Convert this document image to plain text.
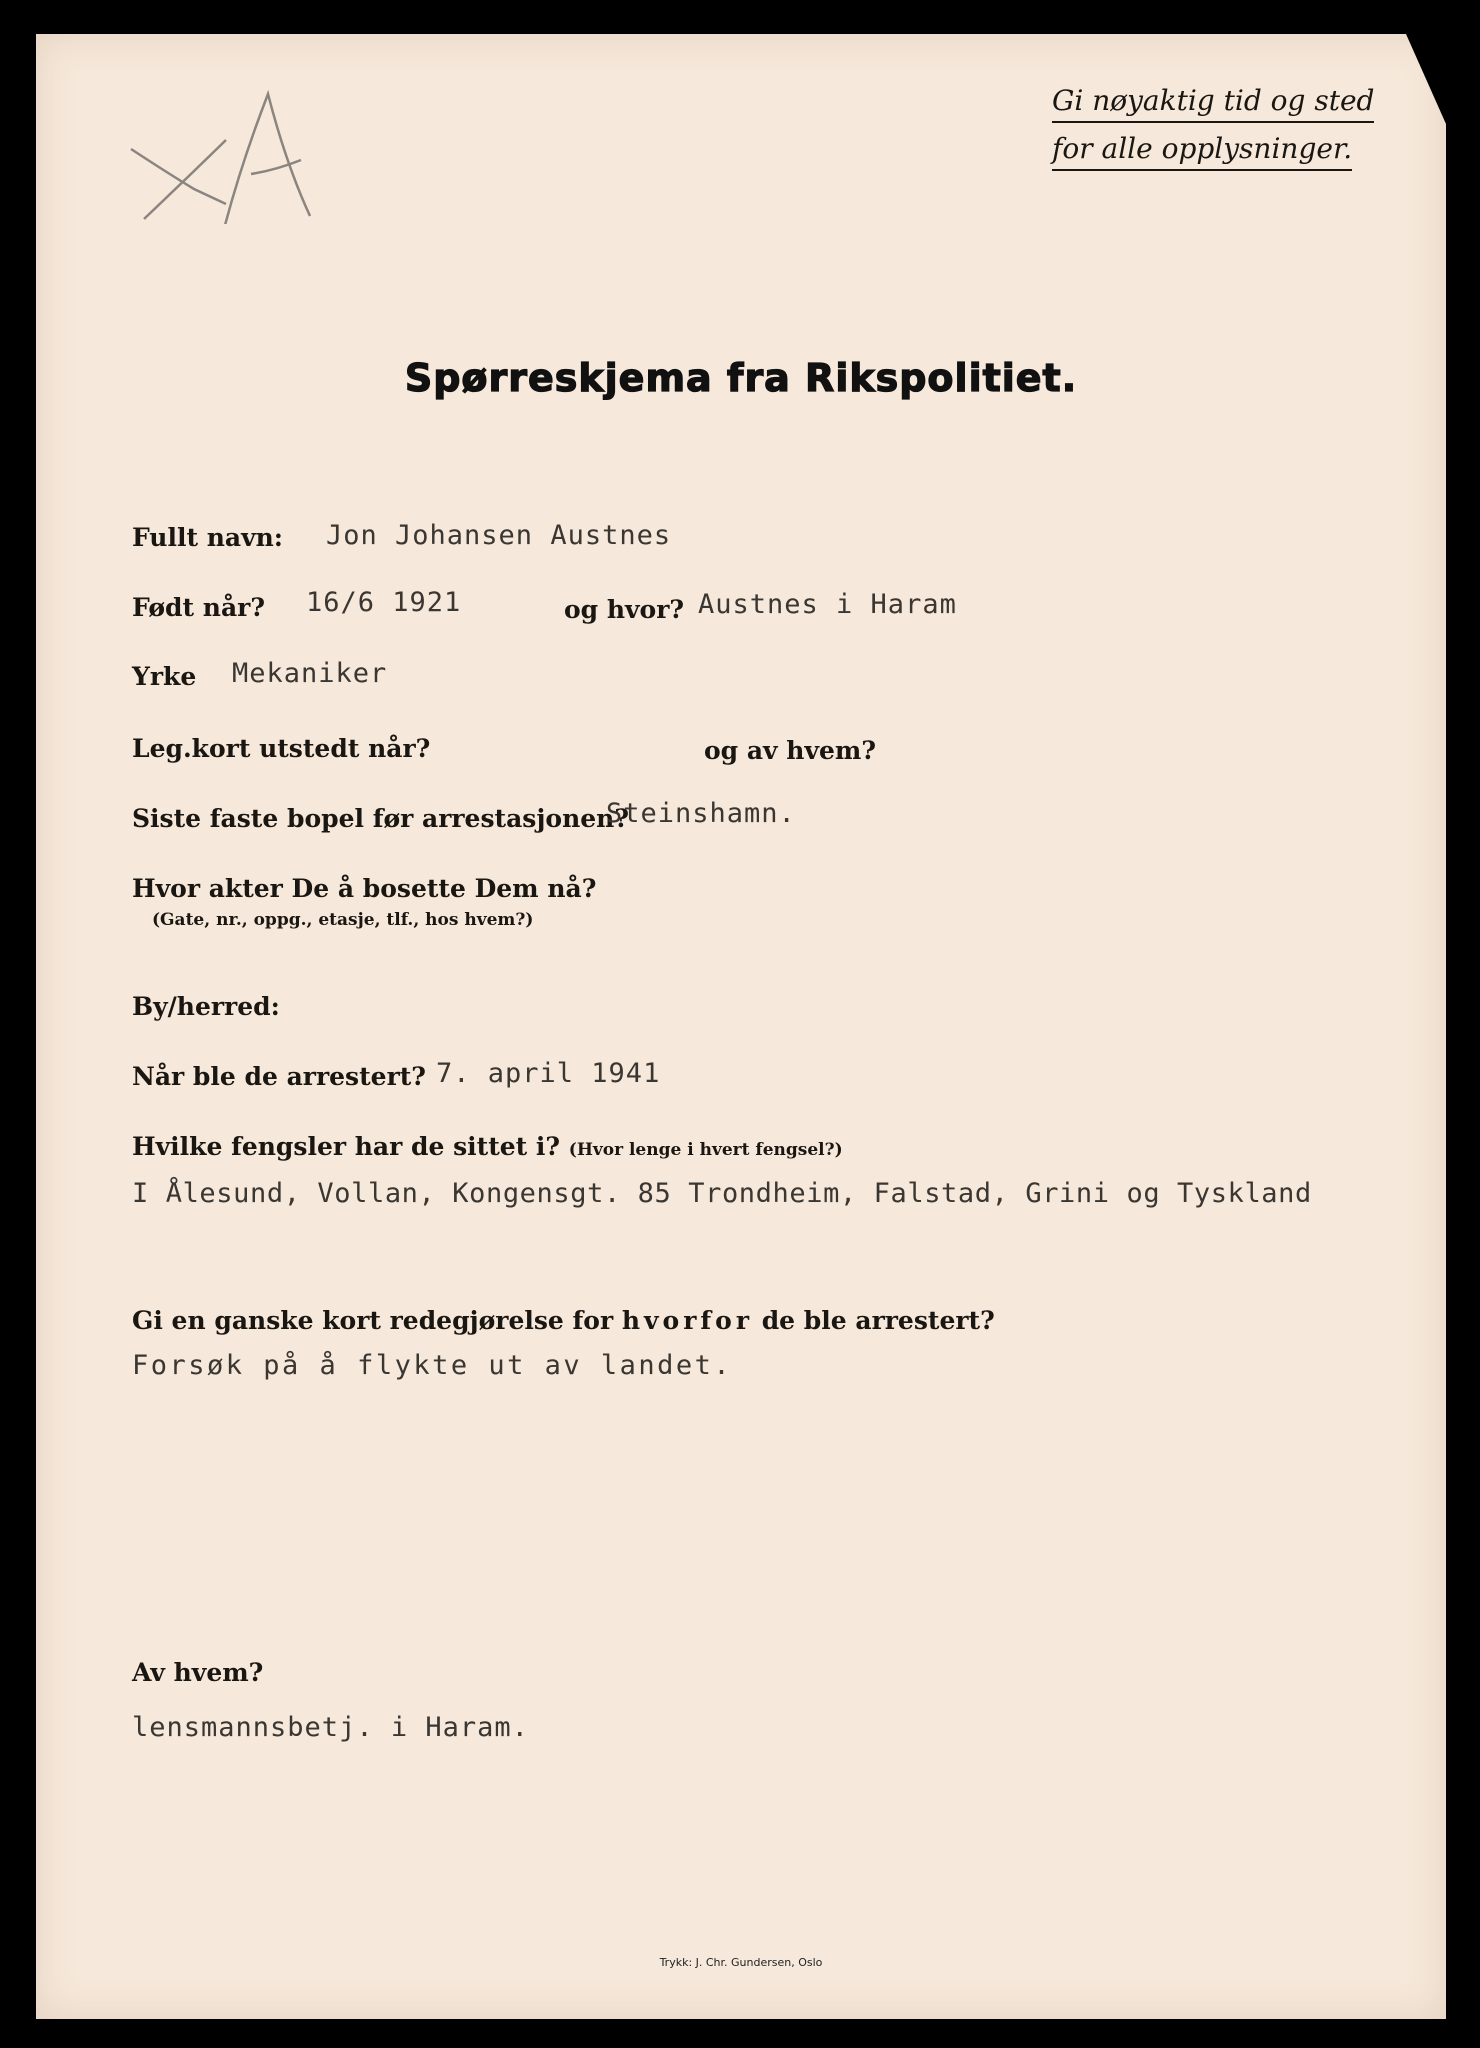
Gi nøyaktig tid og sted
for alle opplysninger.
Spørreskjema fra Rikspolitiet.
Fullt navn: Jon Johansen Austnes
Født når? 16/6 1921	og hvor? Austnes i Haram
Yrke Mekaniker
Leg.kort utstedt når?	og av hvem?
Siste faste bopel før arrestasjonen?
Steinshamn.
Hvor akter De å bosette Dem nå?
(Gate, nr., oppg., etasje, tlf., hos hvem?)
By/herred:
Når ble de arrestert? 7. april 1941
Hvilke fengsler har de sittet i? (Hvor lenge i hvert fengsel?)
I Ålesund, Vollan, Kongensgt. 85 Trondheim, Falstad, Grini og Tyskland
Gi en ganske kort redegjørelse for hvorfor de ble arrestert?
Forsøk på å flykte ut av landet.
Av hvem?
lensmannsbetj. i Haram.
Trykk: J. Chr. Gundersen, Oslo
